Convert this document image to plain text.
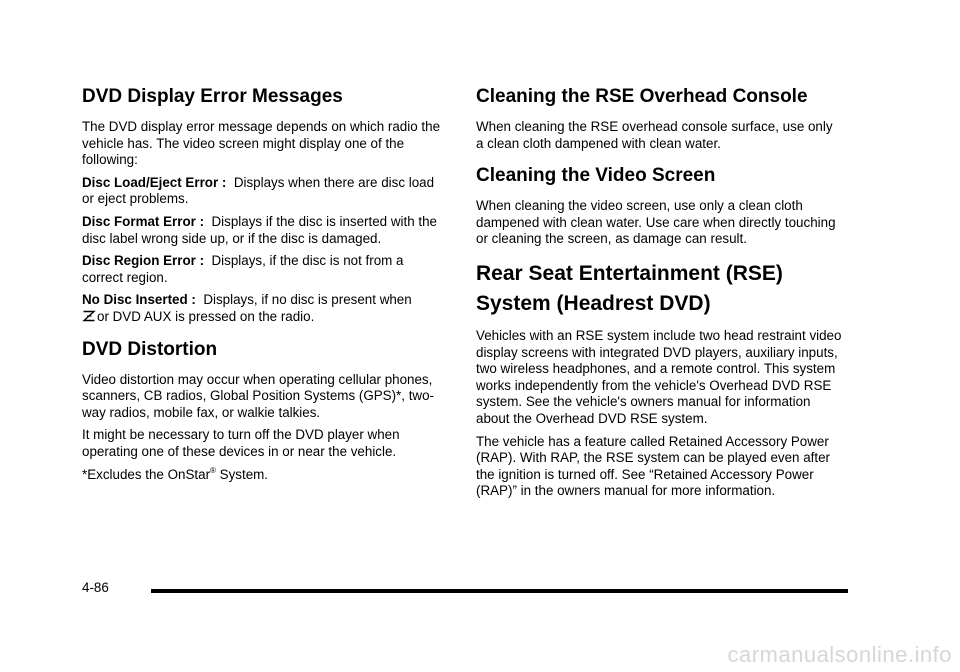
DVD Display Error Messages

The DVD display error message depends on which radio the vehicle has. The video screen might display one of the following:

Disc Load/Eject Error : Displays when there are disc load or eject problems.

Disc Format Error : Displays if the disc is inserted with the disc label wrong side up, or if the disc is damaged.

Disc Region Error : Displays, if the disc is not from a correct region.

No Disc Inserted : Displays, if no disc is present when
or DVD AUX is pressed on the radio.

DVD Distortion

Video distortion may occur when operating cellular phones, scanners, CB radios, Global Position Systems (GPS)*, two-way radios, mobile fax, or walkie talkies.

It might be necessary to turn off the DVD player when operating one of these devices in or near the vehicle.

*Excludes the OnStar® System.

Cleaning the RSE Overhead Console

When cleaning the RSE overhead console surface, use only a clean cloth dampened with clean water.

Cleaning the Video Screen

When cleaning the video screen, use only a clean cloth dampened with clean water. Use care when directly touching or cleaning the screen, as damage can result.

Rear Seat Entertainment (RSE)
System (Headrest DVD)

Vehicles with an RSE system include two head restraint video display screens with integrated DVD players, auxiliary inputs, two wireless headphones, and a remote control. This system works independently from the vehicle's Overhead DVD RSE system. See the vehicle's owners manual for information about the Overhead DVD RSE system.

The vehicle has a feature called Retained Accessory Power (RAP). With RAP, the RSE system can be played even after the ignition is turned off. See “Retained Accessory Power (RAP)” in the owners manual for more information.

4-86
carmanualsonline.info
